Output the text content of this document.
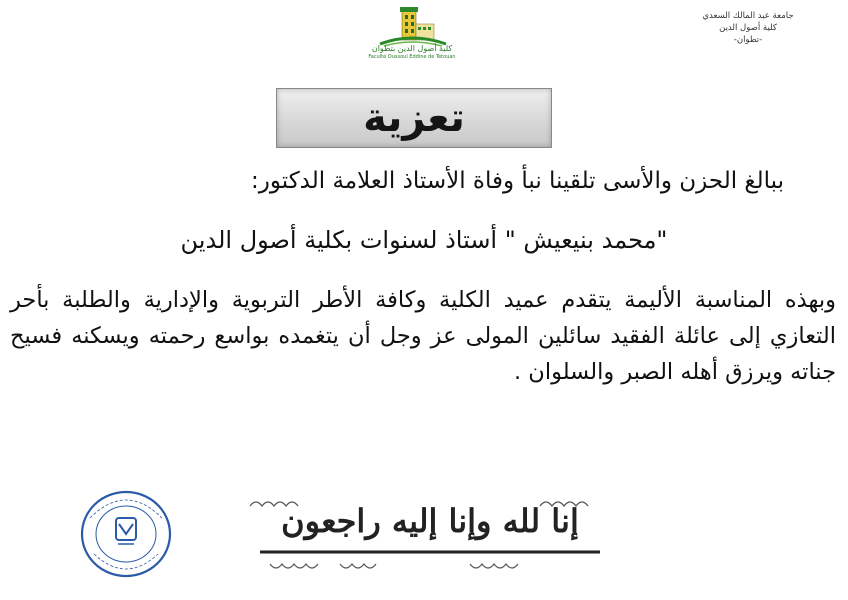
كلية أصول الدين بتطوان
Faculté Oussoul Eddine de Tétouan
جامعة عبد المالك السعدي
كلية أصول الدين
-تطوان-
تعزية
ببالغ الحزن والأسى تلقينا نبأ وفاة الأستاذ العلامة الدكتور:
"محمد بنيعيش " أستاذ لسنوات بكلية أصول الدين
وبهذه المناسبة الأليمة يتقدم عميد الكلية وكافة الأطر التربوية والإدارية والطلبة بأحر التعازي إلى عائلة الفقيد سائلين المولى عز وجل أن يتغمده بواسع رحمته ويسكنه فسيح جناته ويرزق أهله الصبر والسلوان .
إنا لله وإنا إليه راجعون
